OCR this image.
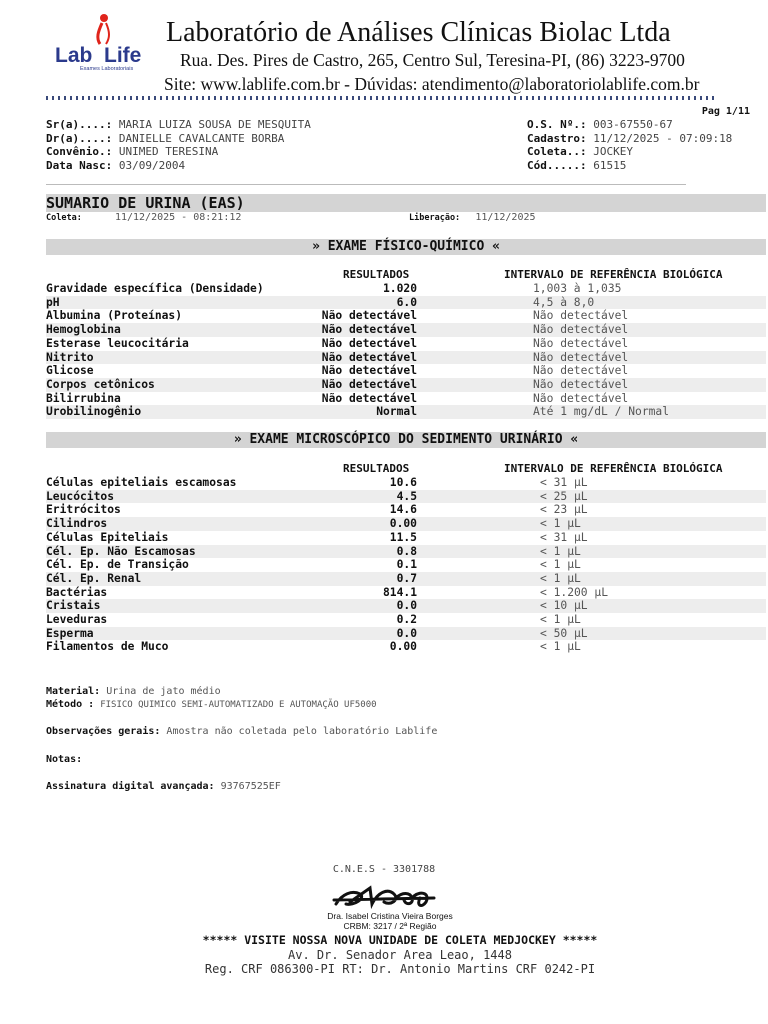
Lab Life
Exames Laboratoriais
Laboratório de Análises Clínicas Biolac Ltda
Rua. Des. Pires de Castro, 265, Centro Sul, Teresina-PI, (86) 3223-9700
Site: www.lablife.com.br - Dúvidas: atendimento@laboratoriolablife.com.br
Pag 1/11
Sr(a)....: MARIA LUIZA SOUSA DE MESQUITA
Dr(a)....: DANIELLE CAVALCANTE BORBA
Convênio.: UNIMED TERESINA
Data Nasc: 03/09/2004
O.S. Nº.: 003-67550-67
Cadastro: 11/12/2025 - 07:09:18
Coleta..: JOCKEY
Cód.....: 61515
SUMARIO DE URINA (EAS)
Coleta:	11/12/2025 - 08:21:12	Liberação: 11/12/2025
» EXAME FÍSICO-QUÍMICO «
RESULTADOS	INTERVALO DE REFERÊNCIA BIOLÓGICA
Gravidade específica (Densidade)	1.020	1,003 à 1,035
pH	6.0	4,5 à 8,0
Albumina (Proteínas)	Não detectável	Não detectável
Hemoglobina	Não detectável	Não detectável
Esterase leucocitária	Não detectável	Não detectável
Nitrito	Não detectável	Não detectável
Glicose	Não detectável	Não detectável
Corpos cetônicos	Não detectável	Não detectável
Bilirrubina	Não detectável	Não detectável
Urobilinogênio	Normal	Até 1 mg/dL / Normal
» EXAME MICROSCÓPICO DO SEDIMENTO URINÁRIO «
RESULTADOS	INTERVALO DE REFERÊNCIA BIOLÓGICA
Células epiteliais escamosas	10.6	< 31 µL
Leucócitos	4.5	< 25 µL
Eritrócitos	14.6	< 23 µL
Cilindros	0.00	< 1 µL
Células Epiteliais	11.5	< 31 µL
Cél. Ep. Não Escamosas	0.8	< 1 µL
Cél. Ep. de Transição	0.1	< 1 µL
Cél. Ep. Renal	0.7	< 1 µL
Bactérias	814.1	< 1.200 µL
Cristais	0.0	< 10 µL
Leveduras	0.2	< 1 µL
Esperma	0.0	< 50 µL
Filamentos de Muco	0.00	< 1 µL
Material: Urina de jato médio
Método : FISICO QUIMICO SEMI-AUTOMATIZADO E AUTOMAÇÃO UF5000
Observações gerais: Amostra não coletada pelo laboratório Lablife
Notas:
Assinatura digital avançada: 93767525EF
C.N.E.S - 3301788
Dra. Isabel Cristina Vieira Borges
CRBM: 3217 / 2ª Região
***** VISITE NOSSA NOVA UNIDADE DE COLETA MEDJOCKEY *****
Av. Dr. Senador Area Leao, 1448
Reg. CRF 086300-PI RT: Dr. Antonio Martins CRF 0242-PI
